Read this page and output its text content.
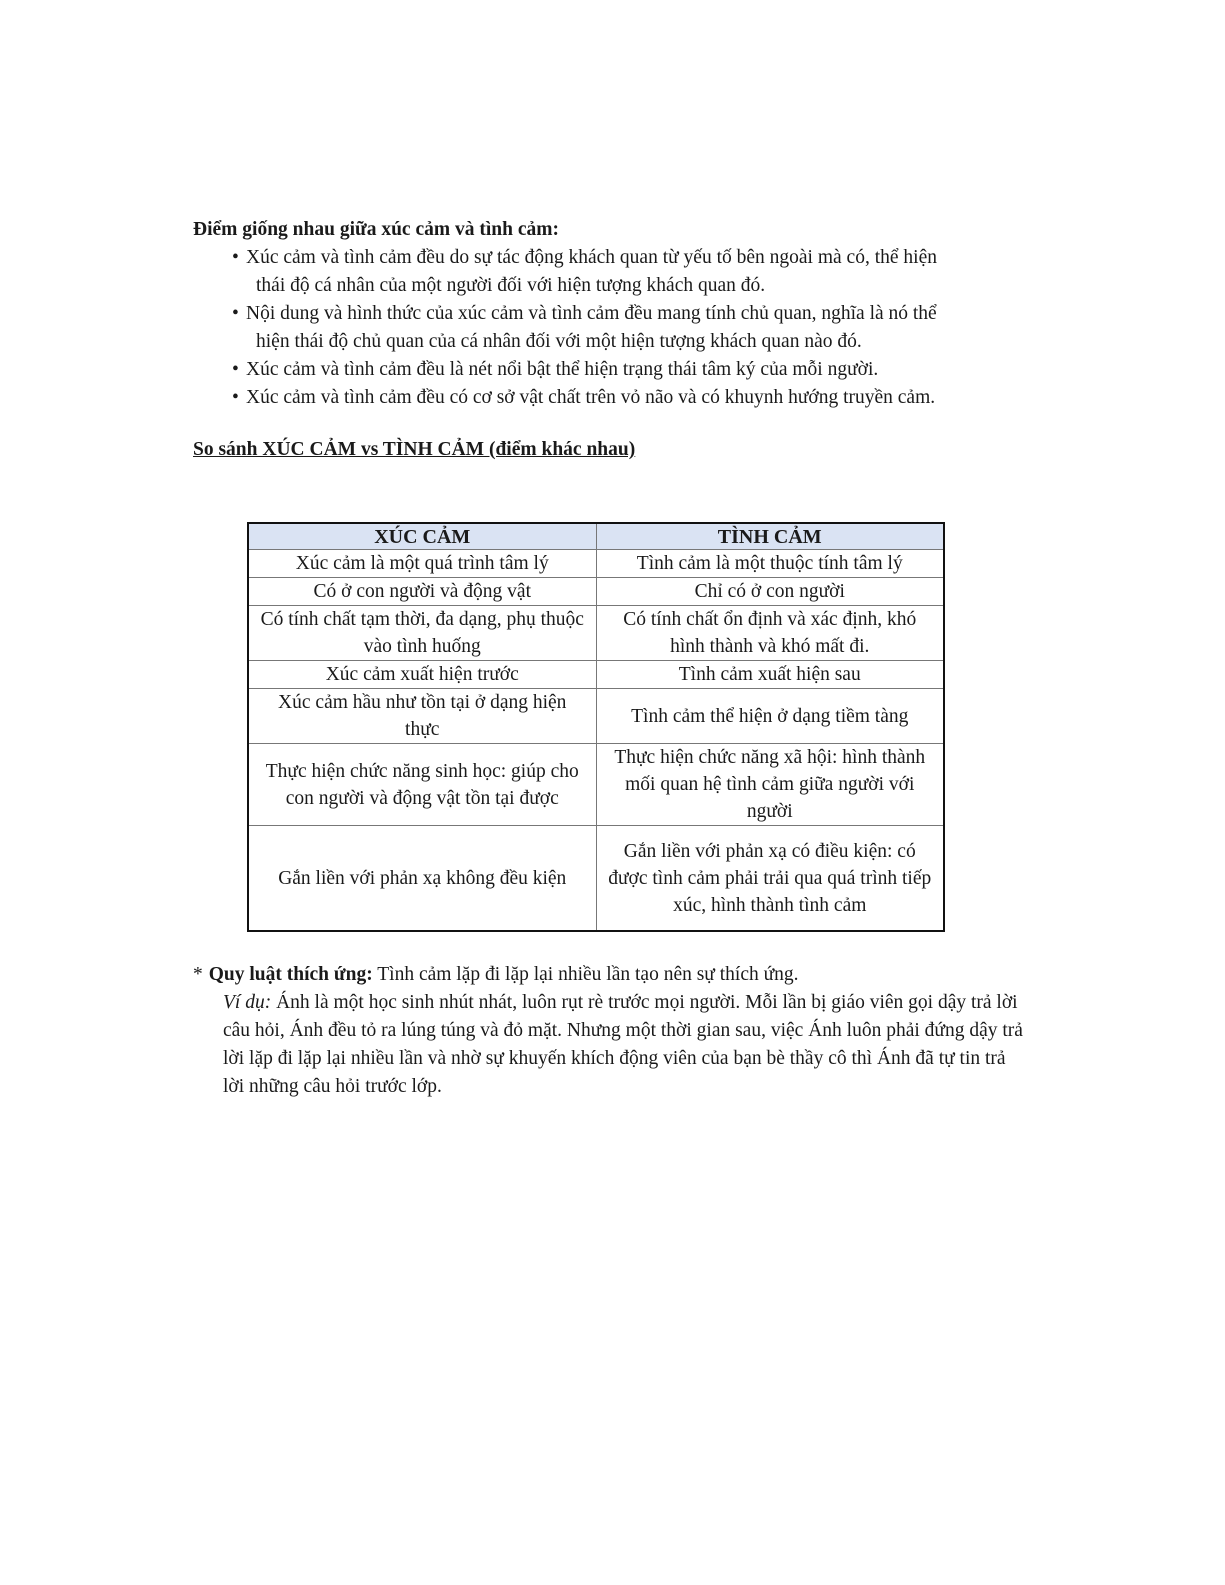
Điểm giống nhau giữa xúc cảm và tình cảm:
• Xúc cảm và tình cảm đều do sự tác động khách quan từ yếu tố bên ngoài mà có, thể hiện
thái độ cá nhân của một người đối với hiện tượng khách quan đó.
• Nội dung và hình thức của xúc cảm và tình cảm đều mang tính chủ quan, nghĩa là nó thể
hiện thái độ chủ quan của cá nhân đối với một hiện tượng khách quan nào đó.
• Xúc cảm và tình cảm đều là nét nổi bật thể hiện trạng thái tâm ký của mỗi người.
• Xúc cảm và tình cảm đều có cơ sở vật chất trên vỏ não và có khuynh hướng truyền cảm.
So sánh XÚC CẢM vs TÌNH CẢM (điểm khác nhau)
XÚC CẢM	TÌNH CẢM
Xúc cảm là một quá trình tâm lý	Tình cảm là một thuộc tính tâm lý
Có ở con người và động vật	Chỉ có ở con người
Có tính chất tạm thời, đa dạng, phụ thuộc vào tình huống	Có tính chất ổn định và xác định, khó hình thành và khó mất đi.
Xúc cảm xuất hiện trước	Tình cảm xuất hiện sau
Xúc cảm hầu như tồn tại ở dạng hiện thực	Tình cảm thể hiện ở dạng tiềm tàng
Thực hiện chức năng sinh học: giúp cho con người và động vật tồn tại được	Thực hiện chức năng xã hội: hình thành mối quan hệ tình cảm giữa người với người
Gắn liền với phản xạ không đều kiện	Gắn liền với phản xạ có điều kiện: có được tình cảm phải trải qua quá trình tiếp xúc, hình thành tình cảm
* Quy luật thích ứng: Tình cảm lặp đi lặp lại nhiều lần tạo nên sự thích ứng.
Ví dụ: Ánh là một học sinh nhút nhát, luôn rụt rè trước mọi người. Mỗi lần bị giáo viên gọi dậy trả lời câu hỏi, Ánh đều tỏ ra lúng túng và đỏ mặt. Nhưng một thời gian sau, việc Ánh luôn phải đứng dậy trả lời lặp đi lặp lại nhiều lần và nhờ sự khuyến khích động viên của bạn bè thầy cô thì Ánh đã tự tin trả lời những câu hỏi trước lớp.
